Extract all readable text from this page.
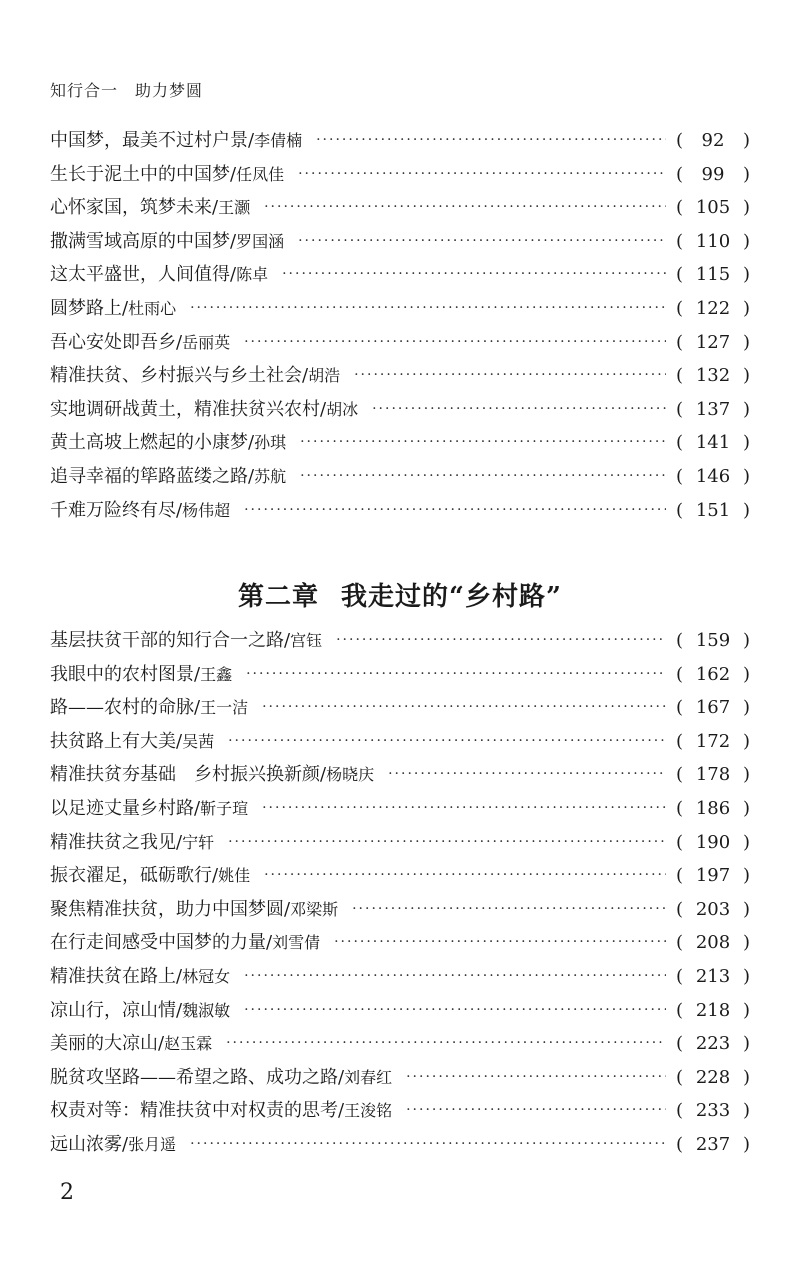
知行合一　助力梦圆
中国梦，最美不过村户景/ 李倩楠 ·····	(	92	)
生长于泥土中的中国梦/ 任凤佳 ·····	(	99	)
心怀家国，筑梦未来/ 王灏 ·····	( 105 )
撒满雪域高原的中国梦/ 罗国涵 ·····	( 110 )
这太平盛世，人间值得/ 陈卓 ·····	( 115 )
圆梦路上/ 杜雨心 ·····	( 122 )
吾心安处即吾乡/ 岳丽英 ·····	( 127 )
精准扶贫、乡村振兴与乡土社会/ 胡浩 ·····	( 132 )
实地调研战黄土，精准扶贫兴农村/ 胡冰 ·····	( 137 )
黄土高坡上燃起的小康梦/ 孙琪 ·····	( 141 )
追寻幸福的筚路蓝缕之路/ 苏航 ·····	( 146 )
千难万险终有尽/ 杨伟超 ·····	( 151 )
第二章 我走过的“乡村路”
基层扶贫干部的知行合一之路/ 宫钰 ·····	( 159 )
我眼中的农村图景/ 王鑫 ·····	( 162 )
路——农村的命脉/ 王一洁 ·····	( 167 )
扶贫路上有大美/ 吴茜 ·····	( 172 )
精准扶贫夯基础　乡村振兴换新颜/ 杨晓庆 ·····	( 178 )
以足迹丈量乡村路/ 靳子瑄 ·····	( 186 )
精准扶贫之我见/ 宁轩 ·····	( 190 )
振衣濯足，砥砺歌行/ 姚佳 ·····	( 197 )
聚焦精准扶贫，助力中国梦圆/ 邓梁斯 ·····	( 203 )
在行走间感受中国梦的力量/ 刘雪倩 ·····	( 208 )
精准扶贫在路上/ 林冠女 ·····	( 213 )
凉山行，凉山情/ 魏淑敏 ·····	( 218 )
美丽的大凉山/ 赵玉霖 ·····	( 223 )
脱贫攻坚路——希望之路、成功之路/ 刘春红 ·····	( 228 )
权责对等：精准扶贫中对权责的思考/ 王浚铭 ·····	( 233 )
远山浓雾/ 张月遥 ·····	( 237 )
2
